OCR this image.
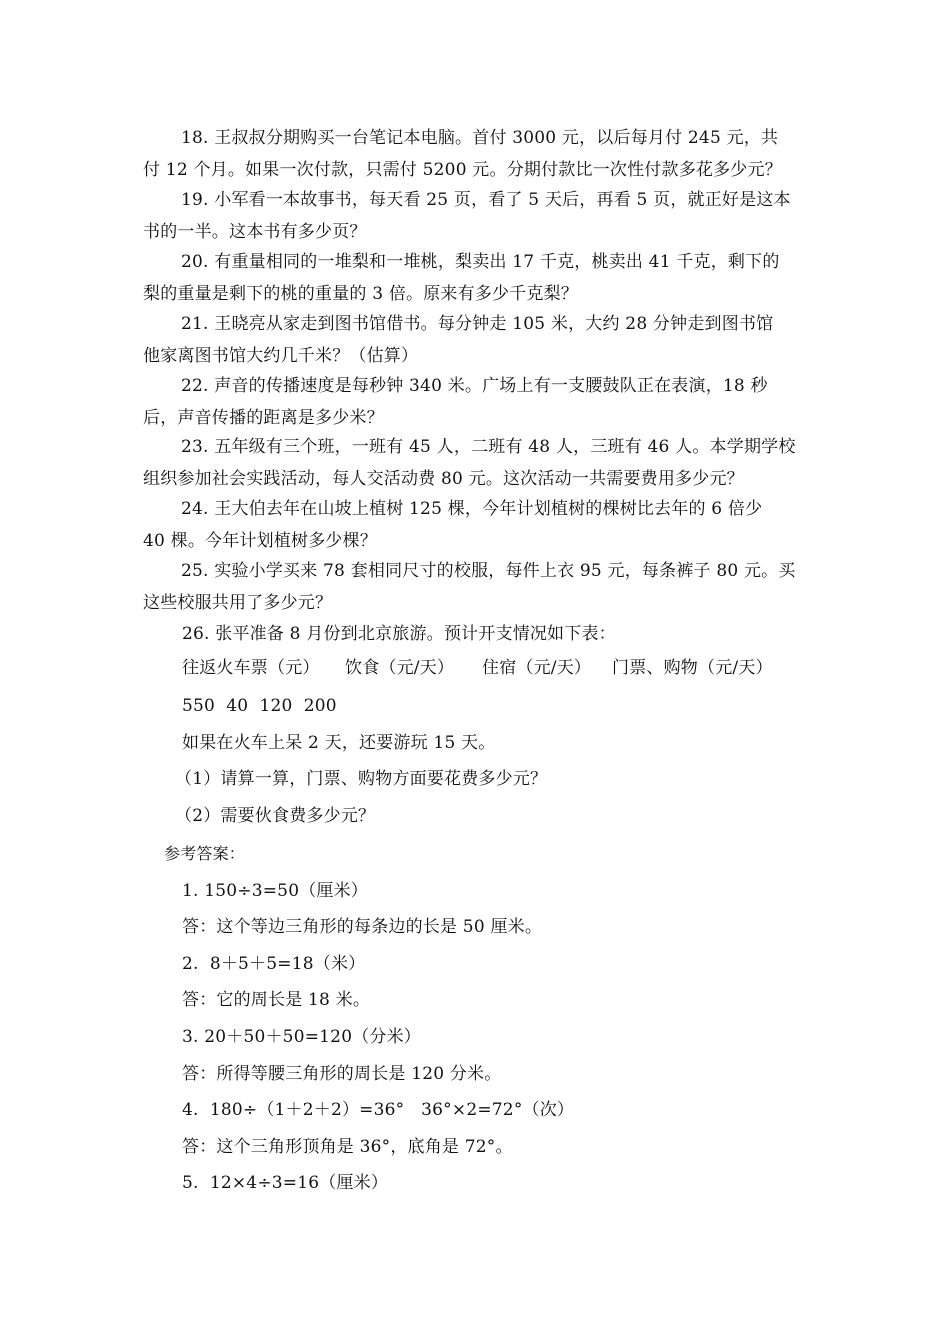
18. 王叔叔分期购买一台笔记本电脑。首付 3000 元，以后每月付 245 元，共
付 12 个月。如果一次付款，只需付 5200 元。分期付款比一次性付款多花多少元？
19. 小军看一本故事书，每天看 25 页，看了 5 天后，再看 5 页，就正好是这本
书的一半。这本书有多少页？
20. 有重量相同的一堆梨和一堆桃，梨卖出 17 千克，桃卖出 41 千克，剩下的
梨的重量是剩下的桃的重量的 3 倍。原来有多少千克梨？
21. 王晓亮从家走到图书馆借书。每分钟走 105 米，大约 28 分钟走到图书馆
他家离图书馆大约几千米？（估算）
22. 声音的传播速度是每秒钟 340 米。广场上有一支腰鼓队正在表演，18 秒
后，声音传播的距离是多少米？
23. 五年级有三个班，一班有 45 人，二班有 48 人，三班有 46 人。本学期学校
组织参加社会实践活动，每人交活动费 80 元。这次活动一共需要费用多少元？
24. 王大伯去年在山坡上植树 125 棵，今年计划植树的棵树比去年的 6 倍少
40 棵。今年计划植树多少棵？
25. 实验小学买来 78 套相同尺寸的校服，每件上衣 95 元，每条裤子 80 元。买
这些校服共用了多少元？
26. 张平准备 8 月份到北京旅游。预计开支情况如下表：
往返火车票（元） 饮食（元/天） 住宿（元/天） 门票、购物（元/天）
550  40  120  200
如果在火车上呆 2 天，还要游玩 15 天。
（1）请算一算，门票、购物方面要花费多少元？
（2）需要伙食费多少元？
参考答案：
1. 150÷3=50（厘米）
答：这个等边三角形的每条边的长是 50 厘米。
2.  8＋5＋5=18（米）
答：它的周长是 18 米。
3. 20＋50＋50=120（分米）
答：所得等腰三角形的周长是 120 分米。
4.  180÷（1＋2＋2）=36°   36°×2=72°（次）
答：这个三角形顶角是 36°，底角是 72°。
5.  12×4÷3=16（厘米）
